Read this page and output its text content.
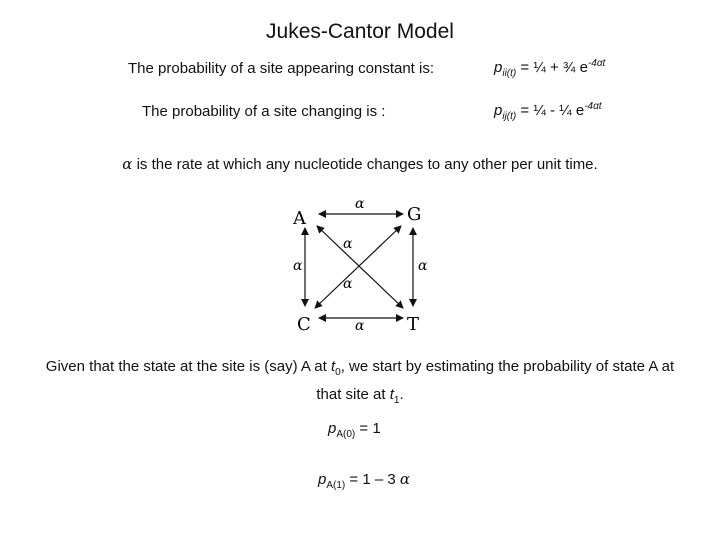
Jukes-Cantor Model
The probability of a site appearing constant is:	$p_{ii(t)}$ = ¼ + ¾ $e^{-4\alpha t}$
The probability of a site changing is :	$p_{ij(t)}$ = ¼ - ¼ $e^{-4\alpha t}$
α is the rate at which any nucleotide changes to any other per unit time.
A	G
C	T
α
α
α	α
α
α
Given that the state at the site is (say) A at $t_0$, we start by estimating the probability of state A at that site at $t_1$.
$p_{A(0)} = 1$
$p_{A(1)} = 1 - 3$ α
